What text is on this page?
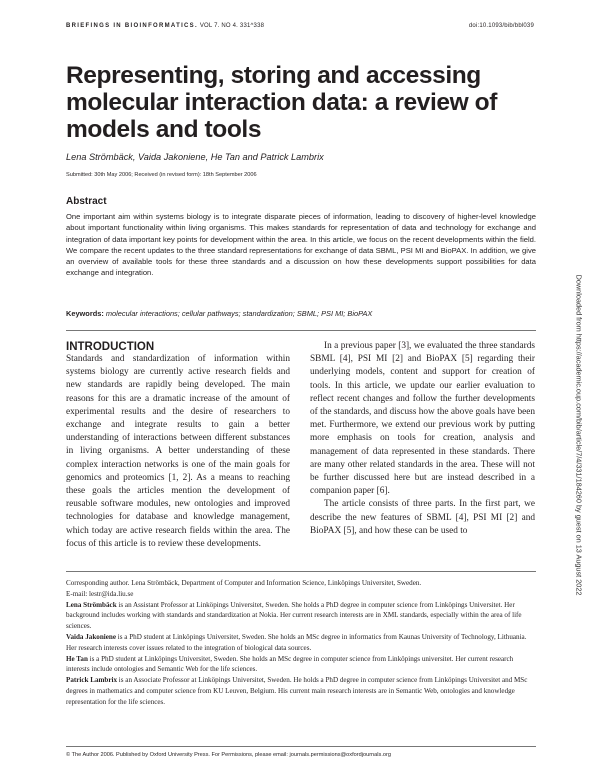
BRIEFINGS IN BIOINFORMATICS. VOL 7. NO 4. 331^338	doi:10.1093/bib/bbl039
Representing, storing and accessing molecular interaction data: a review of models and tools
Lena Strömbäck, Vaida Jakoniene, He Tan and Patrick Lambrix
Submitted: 30th May 2006; Received (in revised form): 18th September 2006
Abstract
One important aim within systems biology is to integrate disparate pieces of information, leading to discovery of higher-level knowledge about important functionality within living organisms. This makes standards for representation of data and technology for exchange and integration of data important key points for development within the area. In this article, we focus on the recent developments within the field. We compare the recent updates to the three standard representations for exchange of data SBML, PSI MI and BioPAX. In addition, we give an overview of available tools for these three standards and a discussion on how these developments support possibilities for data exchange and integration.
Keywords: molecular interactions; cellular pathways; standardization; SBML; PSI MI; BioPAX
INTRODUCTION

Standards and standardization of information within systems biology are currently active research fields and new standards are rapidly being developed. The main reasons for this are a dramatic increase of the amount of experimental results and the desire of researchers to exchange and integrate results to gain a better understanding of interactions between different substances in living organisms. A better understanding of these complex interaction networks is one of the main goals for genomics and proteomics [1, 2]. As a means to reaching these goals the articles mention the development of reusable software modules, new ontologies and improved technologies for database and knowledge management, which today are active research fields within the area. The focus of this article is to review these developments.

In a previous paper [3], we evaluated the three standards SBML [4], PSI MI [2] and BioPAX [5] regarding their underlying models, content and support for creation of tools. In this article, we update our earlier evaluation to reflect recent changes and follow the further developments of the standards, and discuss how the above goals have been met. Furthermore, we extend our previous work by putting more emphasis on tools for creation, analysis and management of data represented in these standards. There are many other related standards in the area. These will not be further discussed here but are instead described in a companion paper [6].

The article consists of three parts. In the first part, we describe the new features of SBML [4], PSI MI [2] and BioPAX [5], and how these can be used to

Corresponding author. Lena Strömbäck, Department of Computer and Information Science, Linköpings Universitet, Sweden.

E-mail: lestr@ida.liu.se

Lena Strömbäck is an Assistant Professor at Linköpings Universitet, Sweden. She holds a PhD degree in computer science from Linköpings Universitet. Her background includes working with standards and standardization at Nokia. Her current research interests are in XML standards, especially within the area of life sciences.

Vaida Jakoniene is a PhD student at Linköpings Universitet, Sweden. She holds an MSc degree in informatics from Kaunas University of Technology, Lithuania. Her research interests cover issues related to the integration of biological data sources.

He Tan is a PhD student at Linköpings Universitet, Sweden. She holds an MSc degree in computer science from Linköpings universitet. Her current research interests include ontologies and Semantic Web for the life sciences.

Patrick Lambrix is an Associate Professor at Linköpings Universitet, Sweden. He holds a PhD degree in computer science from Linköpings Universitet and MSc degrees in mathematics and computer science from KU Leuven, Belgium. His current main research interests are in Semantic Web, ontologies and knowledge representation for the life sciences.

© The Author 2006. Published by Oxford University Press. For Permissions, please email: journals.permissions@oxfordjournals.org
Downloaded from https://academic.oup.com/bib/article/7/4/331/184260 by guest on 13 August 2022
